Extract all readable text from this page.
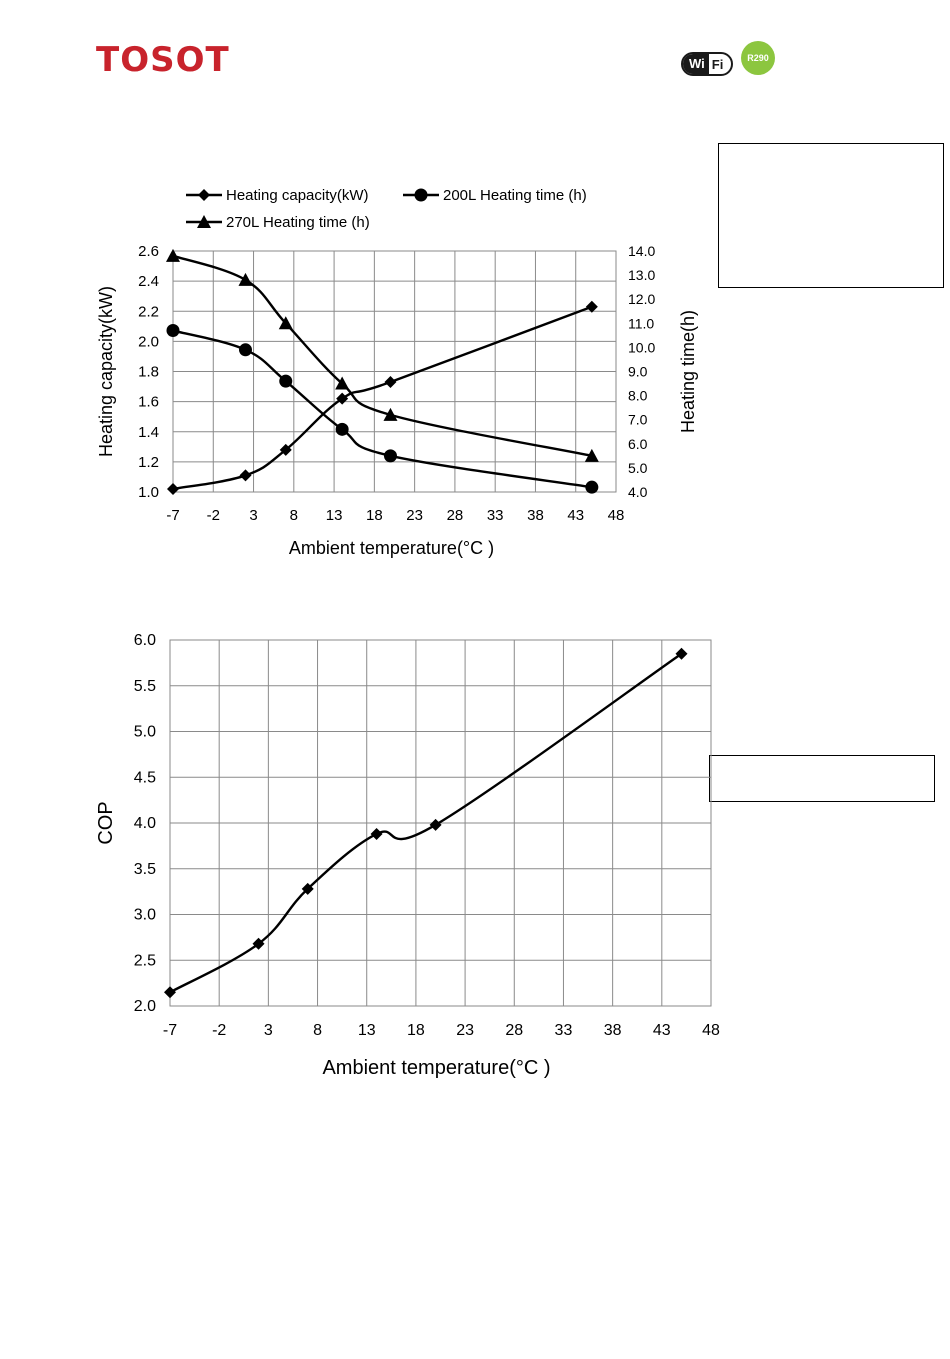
TOSOT	Wi Fi	R290
-7 -2 3 8 13 18 23 28 33 38 43 48
1.0
1.2
1.4
1.6
1.8
2.0
2.2
2.4
2.6
4.0
5.0
6.0
7.0
8.0
9.0
10.0
11.0
12.0
13.0
14.0
Ambient temperature(°C )
Heating capacity(kW)	Heating time(h)
Heating capacity(kW)	200L Heating time (h)
270L Heating time (h)
-7 -2 3	8 13 18 23 28 33 38 43 48
2.0
2.5
3.0
3.5
4.0
4.5
5.0
5.5
6.0
Ambient temperature(°C )
COP
